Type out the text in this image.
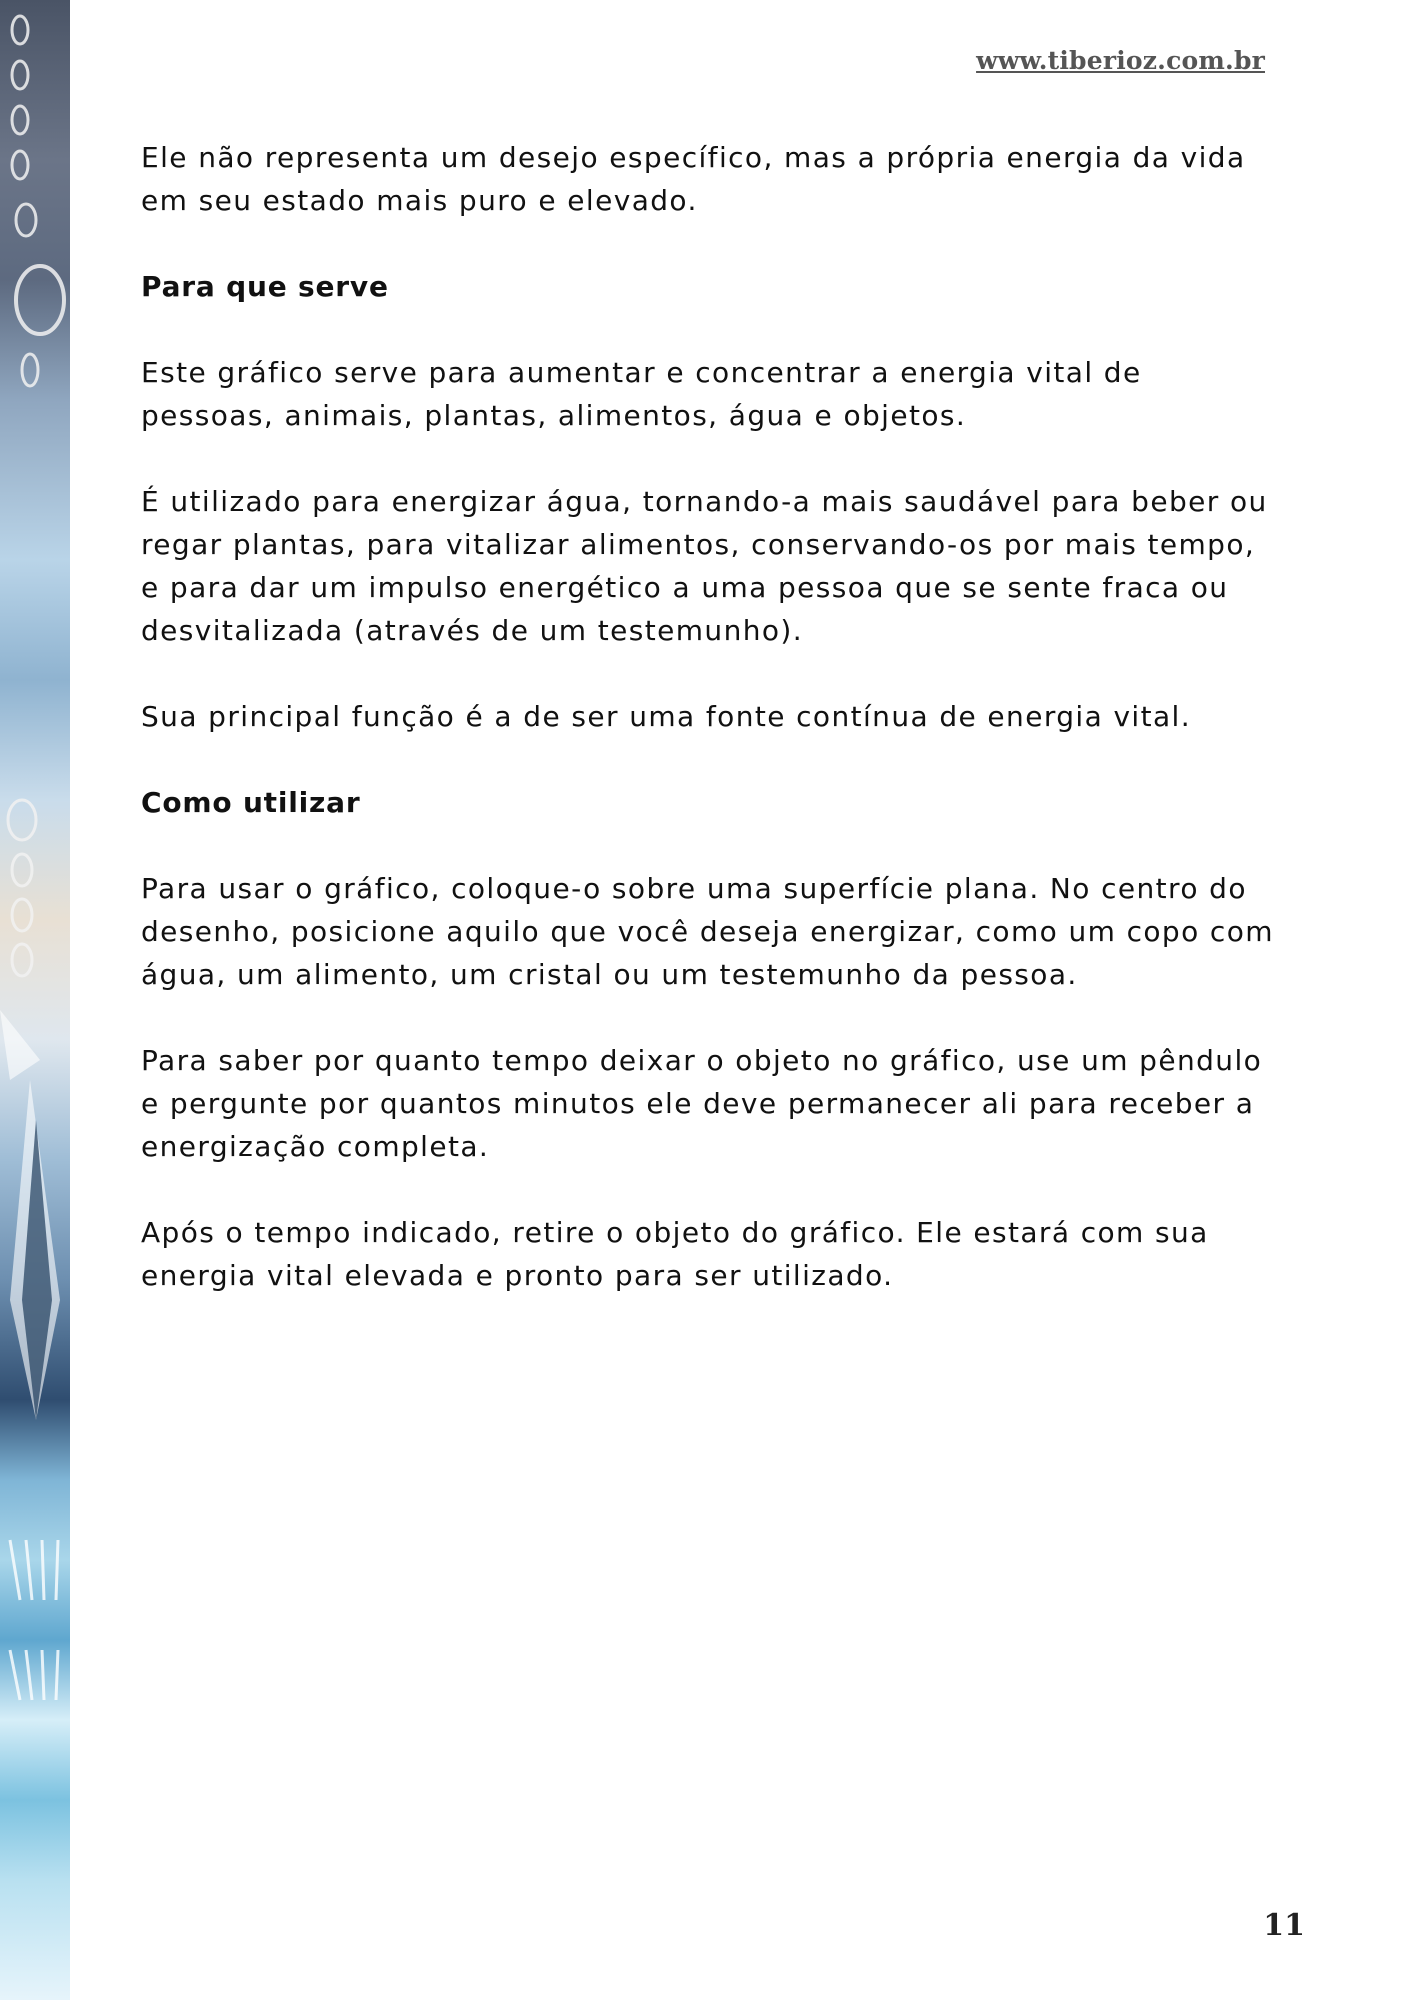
www.tiberioz.com.br

Ele não representa um desejo específico, mas a própria energia da vida em seu estado mais puro e elevado.

Para que serve

Este gráfico serve para aumentar e concentrar a energia vital de pessoas, animais, plantas, alimentos, água e objetos.

É utilizado para energizar água, tornando-a mais saudável para beber ou regar plantas, para vitalizar alimentos, conservando-os por mais tempo, e para dar um impulso energético a uma pessoa que se sente fraca ou desvitalizada (através de um testemunho).

Sua principal função é a de ser uma fonte contínua de energia vital.

Como utilizar

Para usar o gráfico, coloque-o sobre uma superfície plana. No centro do desenho, posicione aquilo que você deseja energizar, como um copo com água, um alimento, um cristal ou um testemunho da pessoa.

Para saber por quanto tempo deixar o objeto no gráfico, use um pêndulo e pergunte por quantos minutos ele deve permanecer ali para receber a energização completa.

Após o tempo indicado, retire o objeto do gráfico. Ele estará com sua energia vital elevada e pronto para ser utilizado.

11
